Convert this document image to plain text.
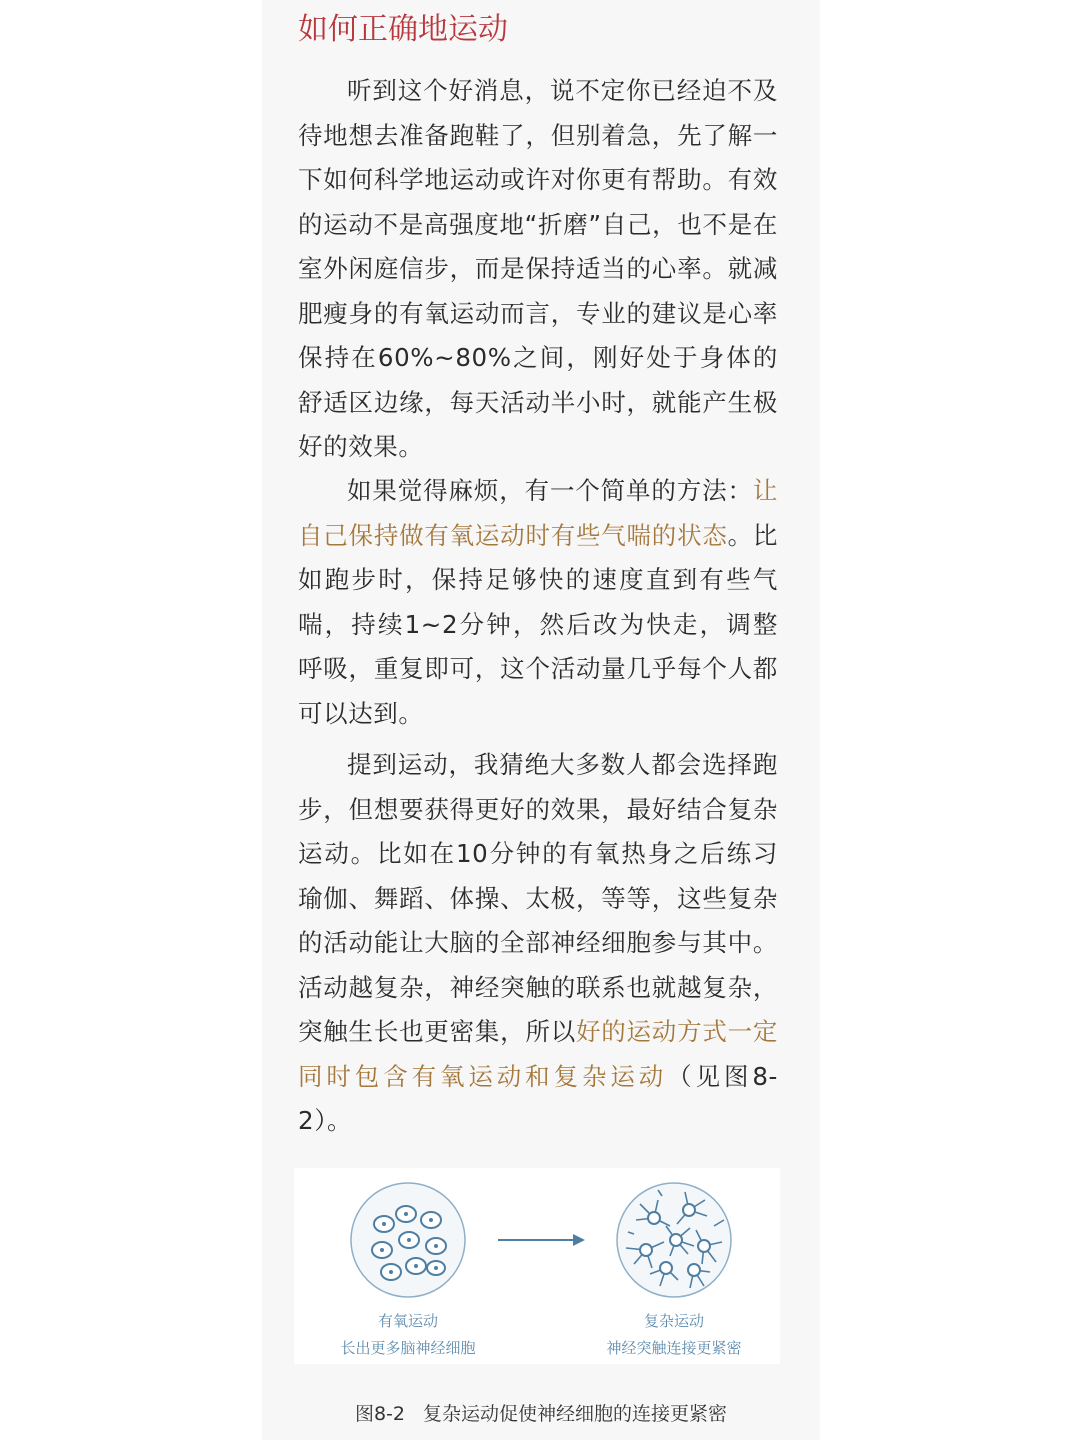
如何正确地运动

听到这个好消息，说不定你已经迫不及待地想去准备跑鞋了，但别着急，先了解一下如何科学地运动或许对你更有帮助。有效的运动不是高强度地“折磨”自己，也不是在室外闲庭信步，而是保持适当的心率。就减肥瘦身的有氧运动而言，专业的建议是心率保持在60%~80%之间，刚好处于身体的舒适区边缘，每天活动半小时，就能产生极好的效果。

如果觉得麻烦，有一个简单的方法：让自己保持做有氧运动时有些气喘的状态。比如跑步时，保持足够快的速度直到有些气喘，持续1~2分钟，然后改为快走，调整呼吸，重复即可，这个活动量几乎每个人都可以达到。

提到运动，我猜绝大多数人都会选择跑步，但想要获得更好的效果，最好结合复杂运动。比如在10分钟的有氧热身之后练习瑜伽、舞蹈、体操、太极，等等，这些复杂的活动能让大脑的全部神经细胞参与其中。活动越复杂，神经突触的联系也就越复杂，突触生长也更密集，所以好的运动方式一定同时包含有氧运动和复杂运动（见图8-2）。

有氧运动
长出更多脑神经细胞
复杂运动
神经突触连接更紧密
图8-2 复杂运动促使神经细胞的连接更紧密
